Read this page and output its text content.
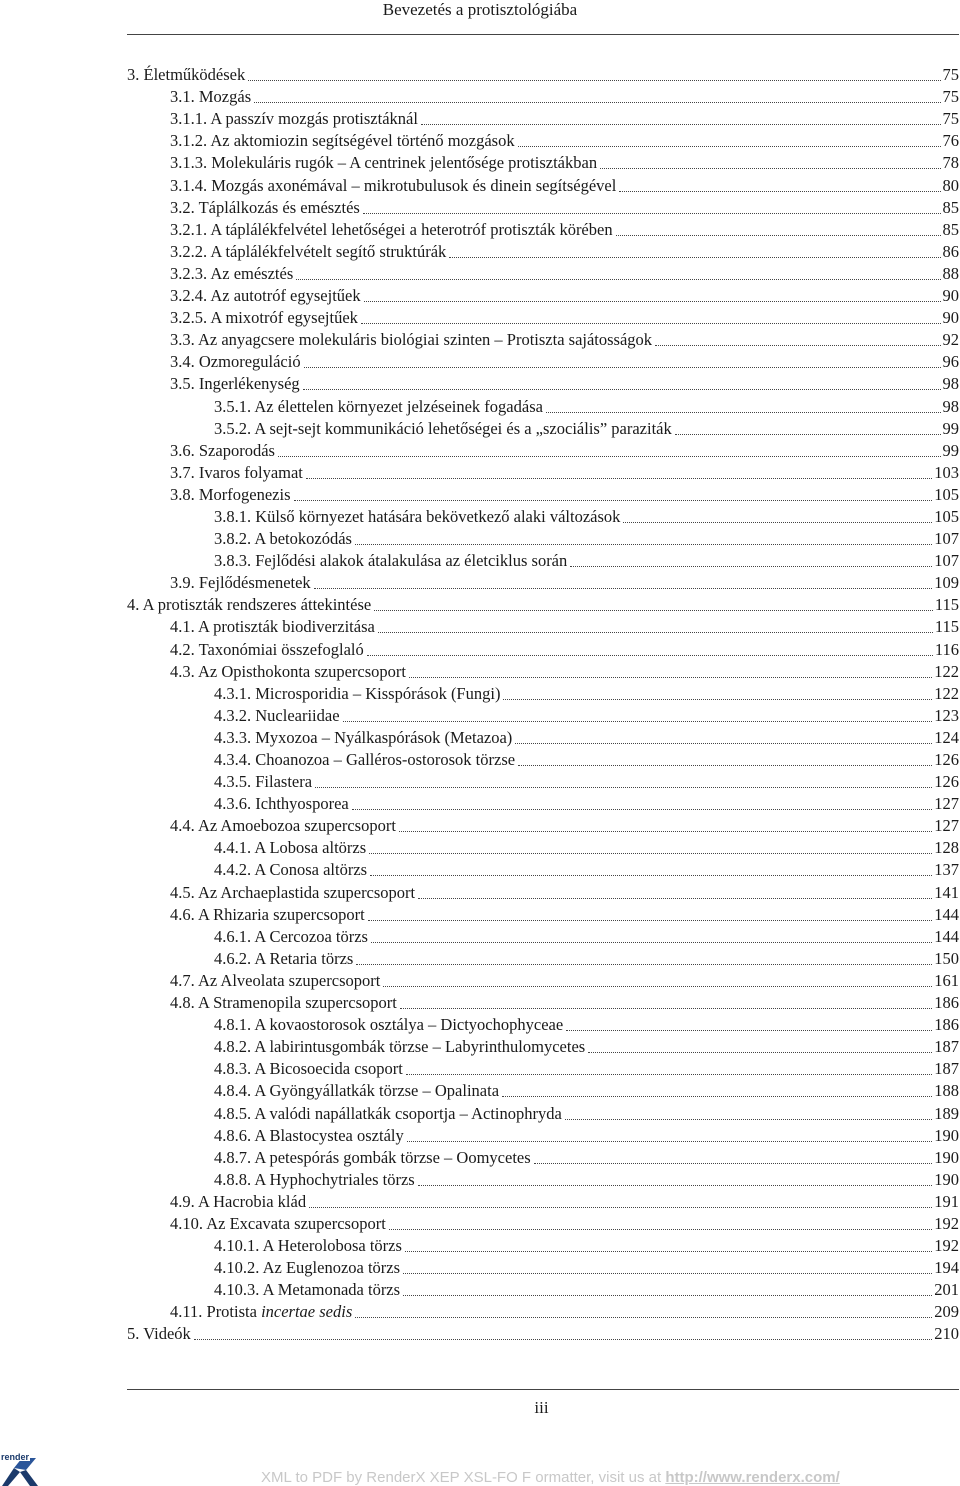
Bevezetés a protisztológiába
3. Életműködések	75
3.1. Mozgás	75
3.1.1. A passzív mozgás protisztáknál	75
3.1.2. Az aktomiozin segítségével történő mozgások	76
3.1.3. Molekuláris rugók – A centrinek jelentősége protisztákban	78
3.1.4. Mozgás axonémával – mikrotubulusok és dinein segítségével	80
3.2. Táplálkozás és emésztés	85
3.2.1. A táplálékfelvétel lehetőségei a heterotróf protiszták körében	85
3.2.2. A táplálékfelvételt segítő struktúrák	86
3.2.3. Az emésztés	88
3.2.4. Az autotróf egysejtűek	90
3.2.5. A mixotróf egysejtűek	90
3.3. Az anyagcsere molekuláris biológiai szinten – Protiszta sajátosságok	92
3.4. Ozmoreguláció	96
3.5. Ingerlékenység	98
3.5.1. Az élettelen környezet jelzéseinek fogadása	98
3.5.2. A sejt-sejt kommunikáció lehetőségei és a „szociális” paraziták	99
3.6. Szaporodás	99
3.7. Ivaros folyamat	103
3.8. Morfogenezis	105
3.8.1. Külső környezet hatására bekövetkező alaki változások	105
3.8.2. A betokozódás	107
3.8.3. Fejlődési alakok átalakulása az életciklus során	107
3.9. Fejlődésmenetek	109
4. A protiszták rendszeres áttekintése	115
4.1. A protiszták biodiverzitása	115
4.2. Taxonómiai összefoglaló	116
4.3. Az Opisthokonta szupercsoport	122
4.3.1. Microsporidia – Kisspórások (Fungi)	122
4.3.2. Nucleariidae	123
4.3.3. Myxozoa – Nyálkaspórások (Metazoa)	124
4.3.4. Choanozoa – Galléros-ostorosok törzse	126
4.3.5. Filastera	126
4.3.6. Ichthyosporea	127
4.4. Az Amoebozoa szupercsoport	127
4.4.1. A Lobosa altörzs	128
4.4.2. A Conosa altörzs	137
4.5. Az Archaeplastida szupercsoport	141
4.6. A Rhizaria szupercsoport	144
4.6.1. A Cercozoa törzs	144
4.6.2. A Retaria törzs	150
4.7. Az Alveolata szupercsoport	161
4.8. A Stramenopila szupercsoport	186
4.8.1. A kovaostorosok osztálya – Dictyochophyceae	186
4.8.2. A labirintusgombák törzse – Labyrinthulomycetes	187
4.8.3. A Bicosoecida csoport	187
4.8.4. A Gyöngyállatkák törzse – Opalinata	188
4.8.5. A valódi napállatkák csoportja – Actinophryda	189
4.8.6. A Blastocystea osztály	190
4.8.7. A petespórás gombák törzse – Oomycetes	190
4.8.8. A Hyphochytriales törzs	190
4.9. A Hacrobia klád	191
4.10. Az Excavata szupercsoport	192
4.10.1. A Heterolobosa törzs	192
4.10.2. Az Euglenozoa törzs	194
4.10.3. A Metamonada törzs	201
4.11. Protista incertae sedis	209
5. Videók	210
iii
render
XML to PDF by RenderX XEP XSL-FO F ormatter, visit us at http://www.renderx.com/
